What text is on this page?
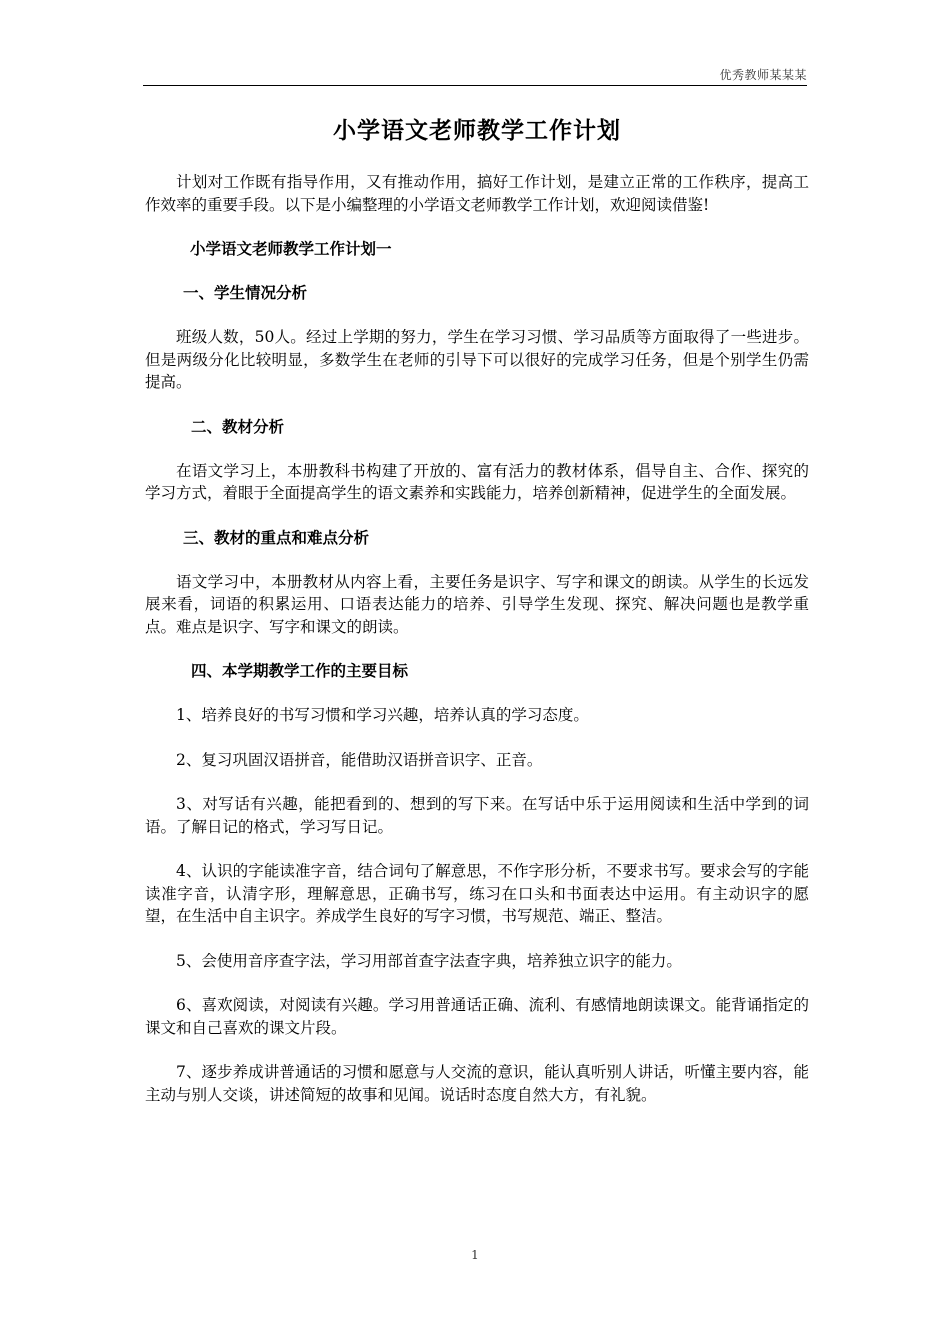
优秀教师某某某
小学语文老师教学工作计划

计划对工作既有指导作用，又有推动作用，搞好工作计划，是建立正常的工作秩序，提高工作效率的重要手段。以下是小编整理的小学语文老师教学工作计划，欢迎阅读借鉴!

小学语文老师教学工作计划一
一、学生情况分析

班级人数，50人。经过上学期的努力，学生在学习习惯、学习品质等方面取得了一些进步。但是两级分化比较明显，多数学生在老师的引导下可以很好的完成学习任务，但是个别学生仍需提高。

二、教材分析

在语文学习上，本册教科书构建了开放的、富有活力的教材体系，倡导自主、合作、探究的学习方式，着眼于全面提高学生的语文素养和实践能力，培养创新精神，促进学生的全面发展。

三、教材的重点和难点分析

语文学习中，本册教材从内容上看，主要任务是识字、写字和课文的朗读。从学生的长远发展来看，词语的积累运用、口语表达能力的培养、引导学生发现、探究、解决问题也是教学重点。难点是识字、写字和课文的朗读。

四、本学期教学工作的主要目标

1、培养良好的书写习惯和学习兴趣，培养认真的学习态度。

2、复习巩固汉语拼音，能借助汉语拼音识字、正音。

3、对写话有兴趣，能把看到的、想到的写下来。在写话中乐于运用阅读和生活中学到的词语。了解日记的格式，学习写日记。

4、认识的字能读准字音，结合词句了解意思，不作字形分析，不要求书写。要求会写的字能读准字音，认清字形，理解意思，正确书写，练习在口头和书面表达中运用。有主动识字的愿望，在生活中自主识字。养成学生良好的写字习惯，书写规范、端正、整洁。

5、会使用音序查字法，学习用部首查字法查字典，培养独立识字的能力。

6、喜欢阅读，对阅读有兴趣。学习用普通话正确、流利、有感情地朗读课文。能背诵指定的课文和自己喜欢的课文片段。

7、逐步养成讲普通话的习惯和愿意与人交流的意识，能认真听别人讲话，听懂主要内容，能主动与别人交谈，讲述简短的故事和见闻。说话时态度自然大方，有礼貌。

1
